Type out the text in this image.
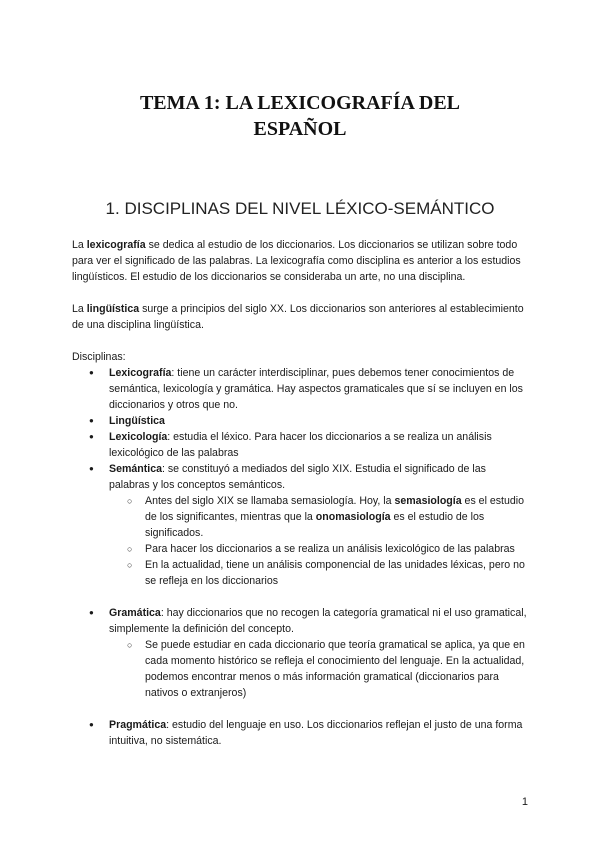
TEMA 1: LA LEXICOGRAFÍA DEL
ESPAÑOL
1. DISCIPLINAS DEL NIVEL LÉXICO-SEMÁNTICO

La lexicografía se dedica al estudio de los diccionarios. Los diccionarios se utilizan sobre todo para ver el significado de las palabras. La lexicografía como disciplina es anterior a los estudios lingüísticos. El estudio de los diccionarios se consideraba un arte, no una disciplina.

La lingüística surge a principios del siglo XX. Los diccionarios son anteriores al establecimiento de una disciplina lingüística.

Disciplinas:

● Lexicografía: tiene un carácter interdisciplinar, pues debemos tener conocimientos de semántica, lexicología y gramática. Hay aspectos gramaticales que sí se incluyen en los diccionarios y otros que no.
● Lingüística
● Lexicología: estudia el léxico. Para hacer los diccionarios a se realiza un análisis lexicológico de las palabras
● Semántica: se constituyó a mediados del siglo XIX. Estudia el significado de las palabras y los conceptos semánticos.
○ Antes del siglo XIX se llamaba semasiología. Hoy, la semasiología es el estudio de los significantes, mientras que la onomasiología es el estudio de los significados.
○ Para hacer los diccionarios a se realiza un análisis lexicológico de las palabras
○ En la actualidad, tiene un análisis componencial de las unidades léxicas, pero no se refleja en los diccionarios
● Gramática: hay diccionarios que no recogen la categoría gramatical ni el uso gramatical, simplemente la definición del concepto.
○ Se puede estudiar en cada diccionario que teoría gramatical se aplica, ya que en cada momento histórico se refleja el conocimiento del lenguaje. En la actualidad, podemos encontrar menos o más información gramatical (diccionarios para nativos o extranjeros)
● Pragmática: estudio del lenguaje en uso. Los diccionarios reflejan el justo de una forma intuitiva, no sistemática.
1
